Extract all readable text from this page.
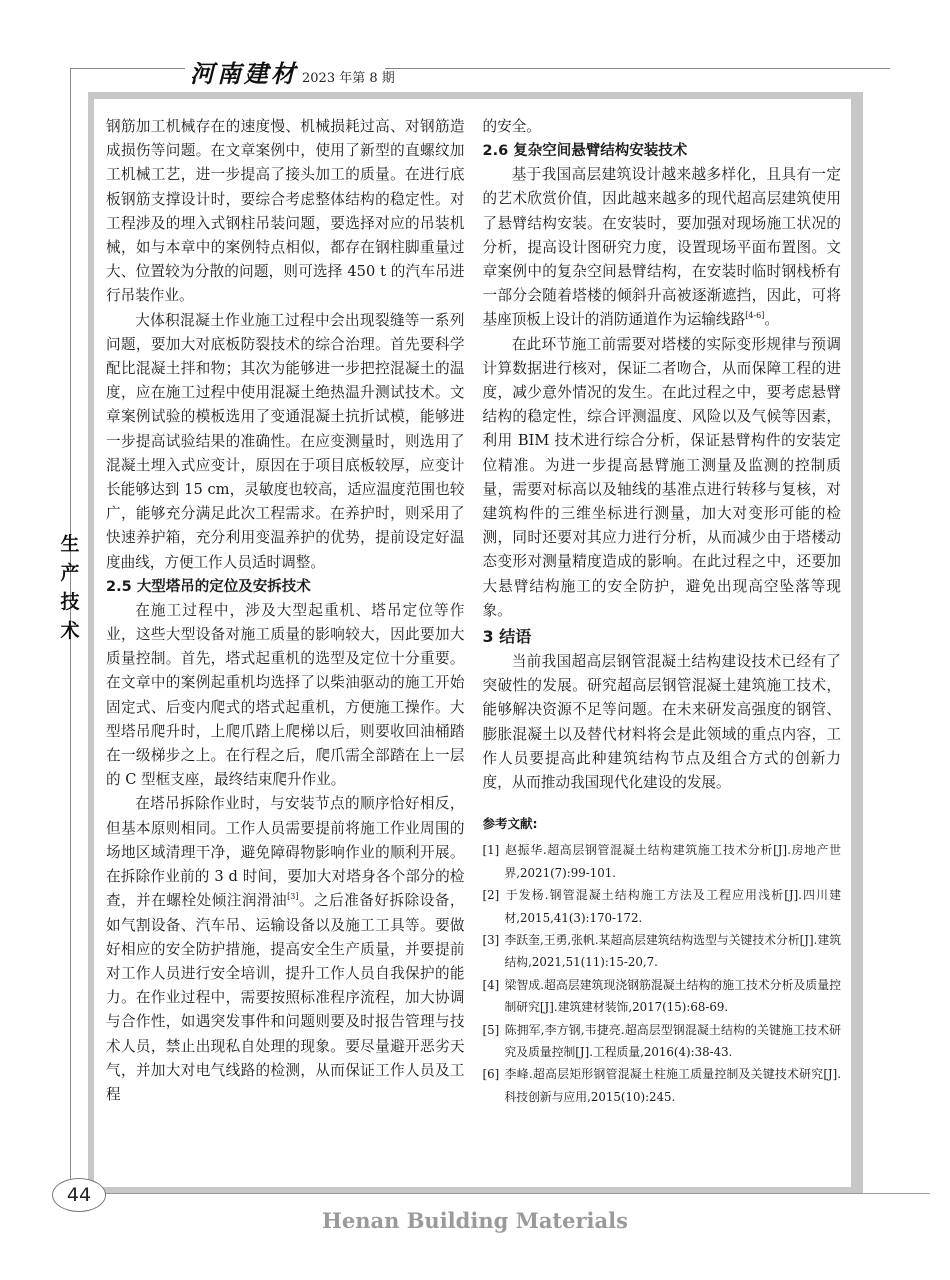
河南建材 2023 年第 8 期
生
产
技
术

钢筋加工机械存在的速度慢、机械损耗过高、对钢筋造成损伤等问题。在文章案例中，使用了新型的直螺纹加工机械工艺，进一步提高了接头加工的质量。在进行底板钢筋支撑设计时，要综合考虑整体结构的稳定性。对工程涉及的埋入式钢柱吊装问题，要选择对应的吊装机械，如与本章中的案例特点相似，都存在钢柱脚重量过大、位置较为分散的问题，则可选择 450 t 的汽车吊进行吊装作业。

大体积混凝土作业施工过程中会出现裂缝等一系列问题，要加大对底板防裂技术的综合治理。首先要科学配比混凝土拌和物；其次为能够进一步把控混凝土的温度，应在施工过程中使用混凝土绝热温升测试技术。文章案例试验的模板选用了变通混凝土抗折试模，能够进一步提高试验结果的准确性。在应变测量时，则选用了混凝土埋入式应变计，原因在于项目底板较厚，应变计长能够达到 15 cm，灵敏度也较高，适应温度范围也较广，能够充分满足此次工程需求。在养护时，则采用了快速养护箱，充分利用变温养护的优势，提前设定好温度曲线，方便工作人员适时调整。

2.5 大型塔吊的定位及安拆技术

在施工过程中，涉及大型起重机、塔吊定位等作业，这些大型设备对施工质量的影响较大，因此要加大质量控制。首先，塔式起重机的选型及定位十分重要。在文章中的案例起重机均选择了以柴油驱动的施工开始固定式、后变内爬式的塔式起重机，方便施工操作。大型塔吊爬升时，上爬爪踏上爬梯以后，则要收回油桶踏在一级梯步之上。在行程之后，爬爪需全部踏在上一层的 C 型框支座，最终结束爬升作业。

在塔吊拆除作业时，与安装节点的顺序恰好相反，但基本原则相同。工作人员需要提前将施工作业周围的场地区域清理干净，避免障碍物影响作业的顺利开展。在拆除作业前的 3 d 时间，要加大对塔身各个部分的检查，并在螺栓处倾注润滑油[3]。之后准备好拆除设备，如气割设备、汽车吊、运输设备以及施工工具等。要做好相应的安全防护措施，提高安全生产质量，并要提前对工作人员进行安全培训，提升工作人员自我保护的能力。在作业过程中，需要按照标准程序流程，加大协调与合作性，如遇突发事件和问题则要及时报告管理与技术人员，禁止出现私自处理的现象。要尽量避开恶劣天气，并加大对电气线路的检测，从而保证工作人员及工程

的安全。

2.6 复杂空间悬臂结构安装技术

基于我国高层建筑设计越来越多样化，且具有一定的艺术欣赏价值，因此越来越多的现代超高层建筑使用了悬臂结构安装。在安装时，要加强对现场施工状况的分析，提高设计图研究力度，设置现场平面布置图。文章案例中的复杂空间悬臂结构，在安装时临时钢栈桥有一部分会随着塔楼的倾斜升高被逐渐遮挡，因此，可将基座顶板上设计的消防通道作为运输线路[4-6]。

在此环节施工前需要对塔楼的实际变形规律与预调计算数据进行核对，保证二者吻合，从而保障工程的进度，减少意外情况的发生。在此过程之中，要考虑悬臂结构的稳定性，综合评测温度、风险以及气候等因素，利用 BIM 技术进行综合分析，保证悬臂构件的安装定位精准。为进一步提高悬臂施工测量及监测的控制质量，需要对标高以及轴线的基准点进行转移与复核，对建筑构件的三维坐标进行测量，加大对变形可能的检测，同时还要对其应力进行分析，从而减少由于塔楼动态变形对测量精度造成的影响。在此过程之中，还要加大悬臂结构施工的安全防护，避免出现高空坠落等现象。

3 结语

当前我国超高层钢管混凝土结构建设技术已经有了突破性的发展。研究超高层钢管混凝土建筑施工技术，能够解决资源不足等问题。在未来研发高强度的钢管、膨胀混凝土以及替代材料将会是此领域的重点内容，工作人员要提高此种建筑结构节点及组合方式的创新力度，从而推动我国现代化建设的发展。

参考文献:

[1] 赵振华.超高层钢管混凝土结构建筑施工技术分析[J].房地产世界,2021(7):99-101.

[2] 于发杨.钢管混凝土结构施工方法及工程应用浅析[J].四川建材,2015,41(3):170-172.

[3] 李跃奎,王勇,张帆.某超高层建筑结构选型与关键技术分析[J].建筑结构,2021,51(11):15-20,7.

[4] 梁智成.超高层建筑现浇钢筋混凝土结构的施工技术分析及质量控制研究[J].建筑建材装饰,2017(15):68-69.

[5] 陈拥军,李方钢,韦捷亮.超高层型钢混凝土结构的关键施工技术研究及质量控制[J].工程质量,2016(4):38-43.

[6] 李峰.超高层矩形钢管混凝土柱施工质量控制及关键技术研究[J].科技创新与应用,2015(10):245.

44
Henan Building Materials
